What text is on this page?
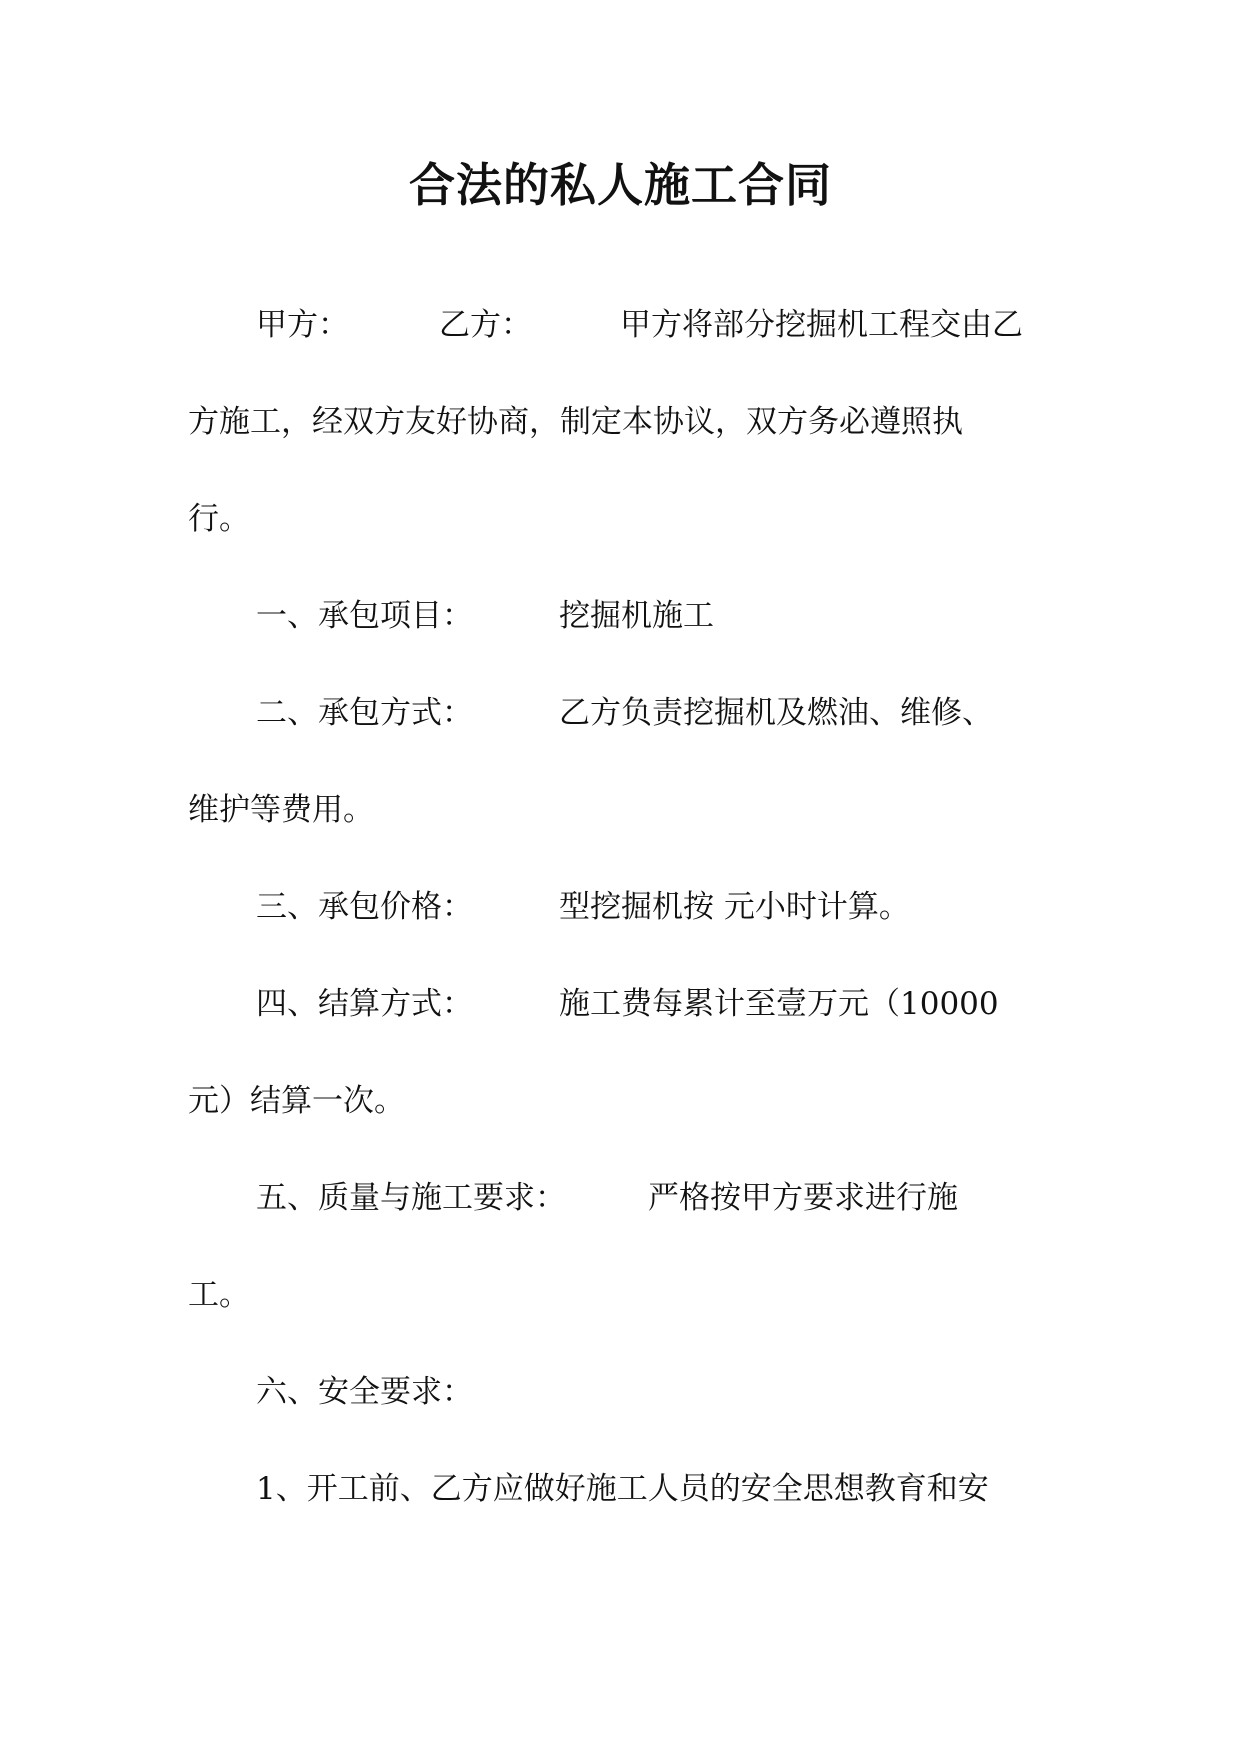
合法的私人施工合同
甲方：	乙方：	甲方将部分挖掘机工程交由乙
方施工，经双方友好协商，制定本协议，双方务必遵照执
行。
一、承包项目：	挖掘机施工
二、承包方式：	乙方负责挖掘机及燃油、维修、
维护等费用。
三、承包价格：	型挖掘机按 元小时计算。
四、结算方式：	施工费每累计至壹万元（10000
元）结算一次。
五、质量与施工要求：	严格按甲方要求进行施
工。
六、安全要求：
1、开工前、乙方应做好施工人员的安全思想教育和安
